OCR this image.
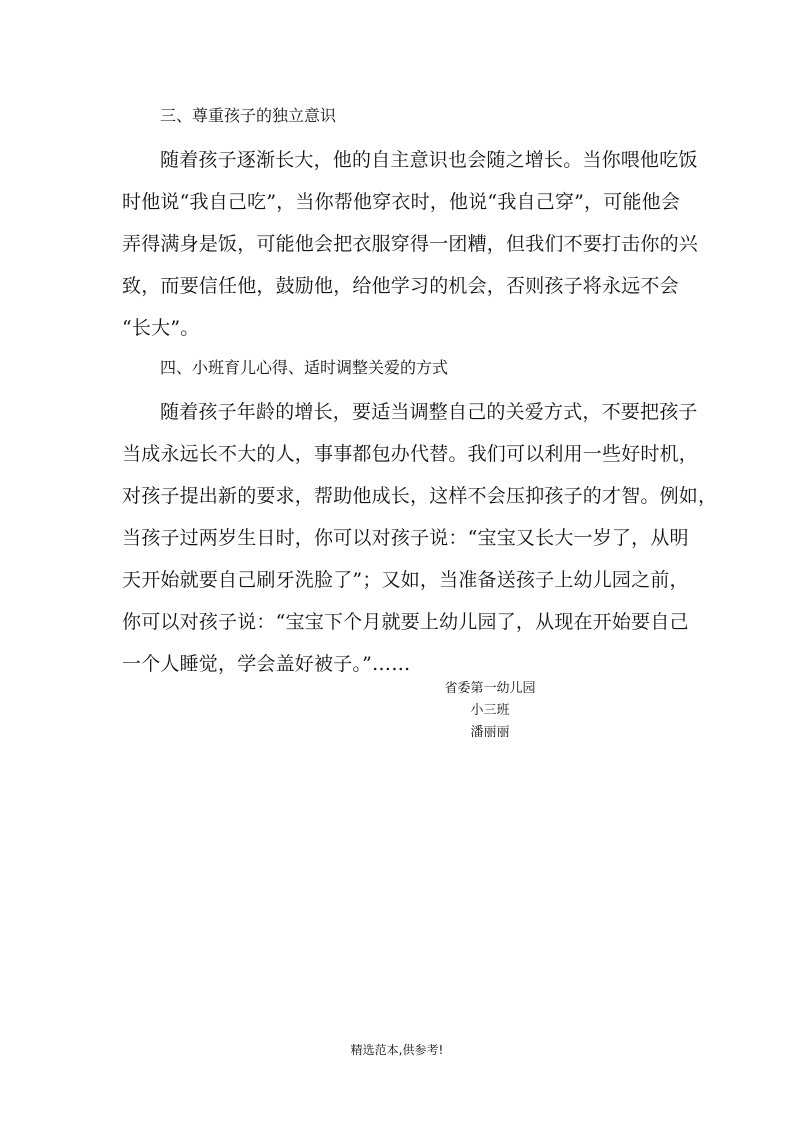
三、尊重孩子的独立意识
随着孩子逐渐长大，他的自主意识也会随之增长。当你喂他吃饭
时他说“我自己吃”，当你帮他穿衣时，他说“我自己穿”，可能他会
弄得满身是饭，可能他会把衣服穿得一团糟，但我们不要打击你的兴
致，而要信任他，鼓励他，给他学习的机会，否则孩子将永远不会
“长大”。
四、小班育儿心得、适时调整关爱的方式
随着孩子年龄的增长，要适当调整自己的关爱方式，不要把孩子
当成永远长不大的人，事事都包办代替。我们可以利用一些好时机，
对孩子提出新的要求，帮助他成长，这样不会压抑孩子的才智。例如，
当孩子过两岁生日时，你可以对孩子说：“宝宝又长大一岁了，从明
天开始就要自己刷牙洗脸了”；又如，当准备送孩子上幼儿园之前，
你可以对孩子说：“宝宝下个月就要上幼儿园了，从现在开始要自己
一个人睡觉，学会盖好被子。”……
省委第一幼儿园
小三班
潘丽丽
精选范本,供参考!
